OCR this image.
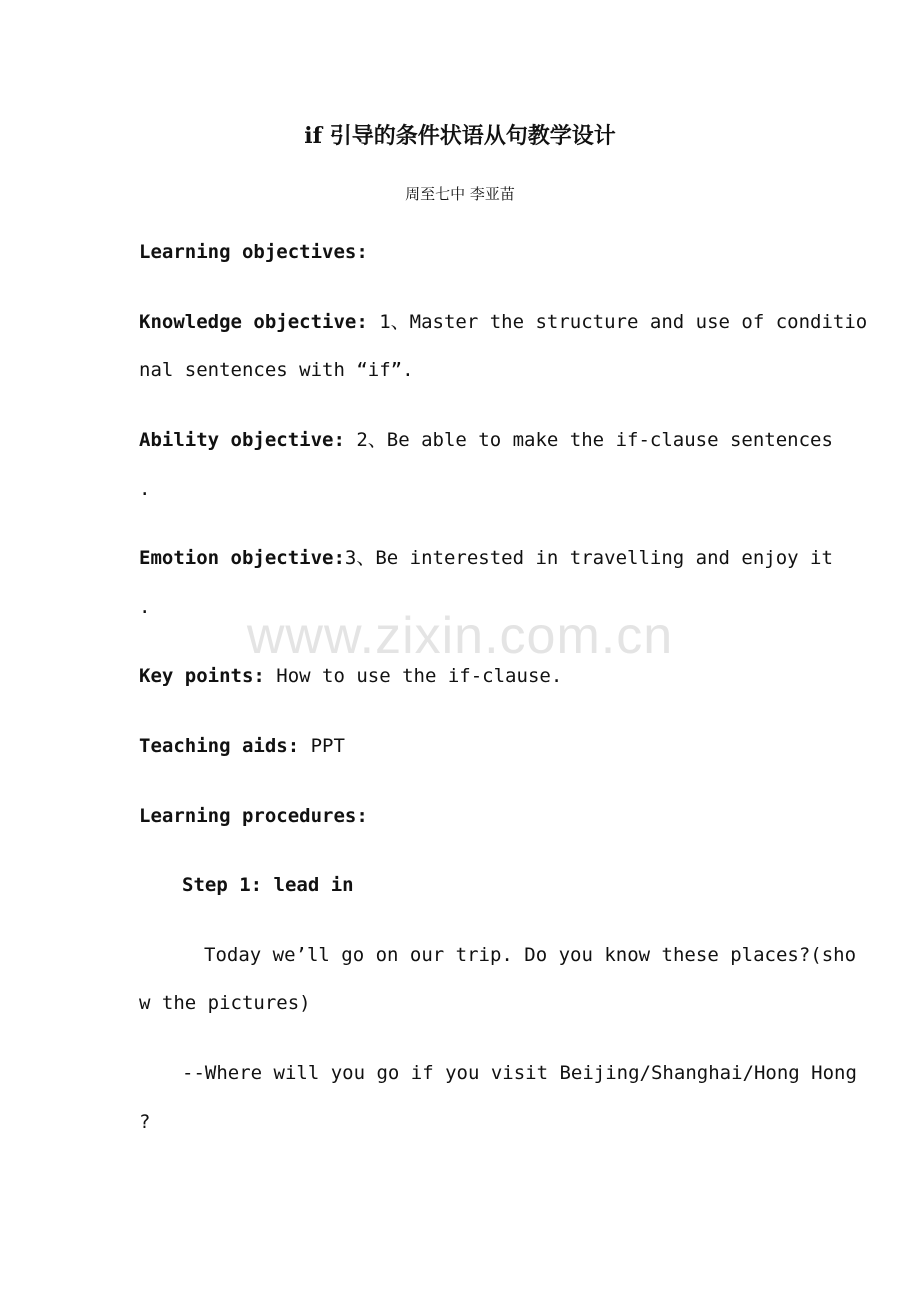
if 引导的条件状语从句教学设计
周至七中 李亚苗
Learning objectives:
Knowledge objective: 1、Master the structure and use of conditio
nal sentences with “if”.
Ability objective: 2、Be able to make the if-clause sentences
.
Emotion objective:3、Be interested in travelling and enjoy it
.	www.zixin.com.cn
Key points: How to use the if-clause.
Teaching aids: PPT
Learning procedures:
Step 1: lead in
Today we’ll go on our trip. Do you know these places?(sho
w the pictures)
--Where will you go if you visit Beijing/Shanghai/Hong Hong
?
